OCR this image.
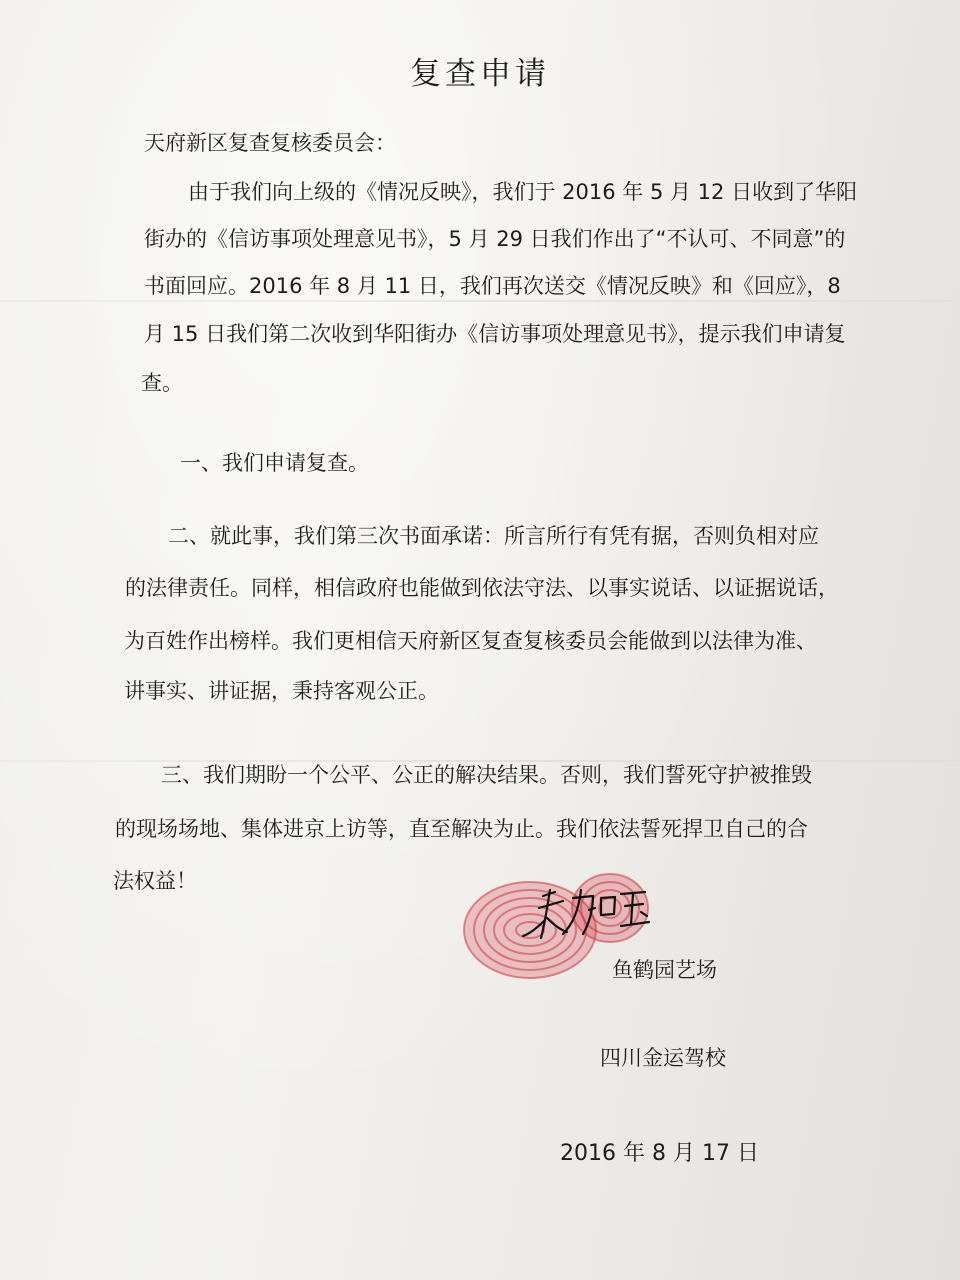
复查申请
天府新区复查复核委员会：
由于我们向上级的《情况反映》，我们于 2016 年 5 月 12 日收到了华阳
街办的《信访事项处理意见书》，5 月 29 日我们作出了“不认可、不同意”的
书面回应。2016 年 8 月 11 日，我们再次送交《情况反映》和《回应》，8
月 15 日我们第二次收到华阳街办《信访事项处理意见书》，提示我们申请复
查。
一、我们申请复查。
二、就此事，我们第三次书面承诺：所言所行有凭有据，否则负相对应
的法律责任。同样，相信政府也能做到依法守法、以事实说话、以证据说话，
为百姓作出榜样。我们更相信天府新区复查复核委员会能做到以法律为准、
讲事实、讲证据，秉持客观公正。
三、我们期盼一个公平、公正的解决结果。否则，我们誓死守护被推毁
的现场场地、集体进京上访等，直至解决为止。我们依法誓死捍卫自己的合
法权益！
鱼鹤园艺场
四川金运驾校
2016 年 8 月 17 日
